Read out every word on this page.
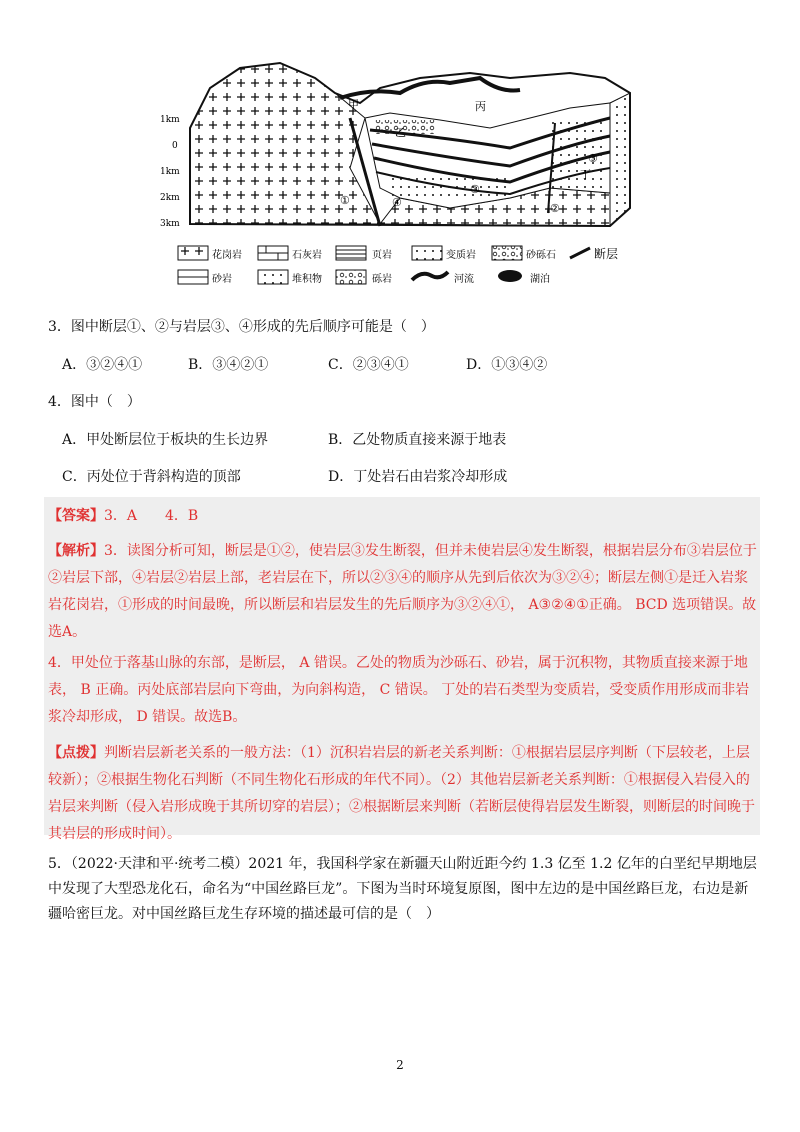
1km
0
1km
2km
3km
甲
乙
丙
丁
①
②
③
④
③
花岗岩	石灰岩	页岩	变质岩	砂砾石	断层
砂岩	堆积物	砾岩	河流	湖泊
3．图中断层①、②与岩层③、④形成的先后顺序可能是（　）
A．③②④①	B．③④②①	C．②③④①	D．①③④②
4．图中（　）
A．甲处断层位于板块的生长边界	B．乙处物质直接来源于地表
C．丙处位于背斜构造的顶部	D．丁处岩石由岩浆冷却形成

【答案】3．A　　4．B

【解析】3．读图分析可知，断层是①②，使岩层③发生断裂，但并未使岩层④发生断裂，根据岩层分布③岩层位于②岩层下部，④岩层②岩层上部，老岩层在下，所以②③④的顺序从先到后依次为③②④；断层左侧①是迁入岩浆岩花岗岩，①形成的时间最晚，所以断层和岩层发生的先后顺序为③②④①， A③②④①正确。 BCD 选项错误。故选A。

4．甲处位于落基山脉的东部，是断层， A 错误。乙处的物质为沙砾石、砂岩，属于沉积物，其物质直接来源于地表， B 正确。丙处底部岩层向下弯曲，为向斜构造， C 错误。 丁处的岩石类型为变质岩，受变质作用形成而非岩浆冷却形成， D 错误。故选B。

【点拨】判断岩层新老关系的一般方法：（1）沉积岩岩层的新老关系判断：①根据岩层层序判断（下层较老，上层较新）；②根据生物化石判断（不同生物化石形成的年代不同）。（2）其他岩层新老关系判断：①根据侵入岩侵入的岩层来判断（侵入岩形成晚于其所切穿的岩层）；②根据断层来判断（若断层使得岩层发生断裂，则断层的时间晚于其岩层的形成时间）。

5．（2022·天津和平·统考二模）2021 年，我国科学家在新疆天山附近距今约 1.3 亿至 1.2 亿年的白垩纪早期地层中发现了大型恐龙化石，命名为“中国丝路巨龙”。下图为当时环境复原图，图中左边的是中国丝路巨龙，右边是新疆哈密巨龙。对中国丝路巨龙生存环境的描述最可信的是（　）

2
